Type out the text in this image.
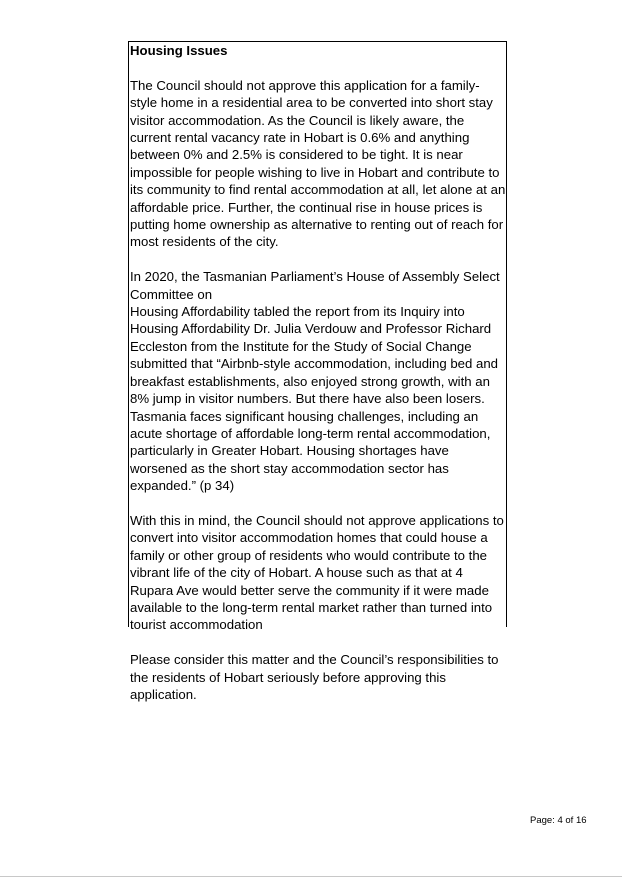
Housing Issues

The Council should not approve this application for a family-style home in a residential area to be converted into short stay visitor accommodation. As the Council is likely aware, the current rental vacancy rate in Hobart is 0.6% and anything between 0% and 2.5% is considered to be tight. It is near impossible for people wishing to live in Hobart and contribute to its community to find rental accommodation at all, let alone at an affordable price. Further, the continual rise in house prices is putting home ownership as alternative to renting out of reach for most residents of the city.

In 2020, the Tasmanian Parliament’s House of Assembly Select Committee on

Housing Affordability tabled the report from its Inquiry into Housing Affordability Dr. Julia Verdouw and Professor Richard Eccleston from the Institute for the Study of Social Change submitted that “Airbnb-style accommodation, including bed and breakfast establishments, also enjoyed strong growth, with an 8% jump in visitor numbers. But there have also been losers. Tasmania faces significant housing challenges, including an acute shortage of affordable long-term rental accommodation, particularly in Greater Hobart. Housing shortages have worsened as the short stay accommodation sector has expanded.” (p 34)

With this in mind, the Council should not approve applications to convert into visitor accommodation homes that could house a family or other group of residents who would contribute to the vibrant life of the city of Hobart. A house such as that at 4 Rupara Ave would better serve the community if it were made available to the long-term rental market rather than turned into tourist accommodation

Please consider this matter and the Council’s responsibilities to the residents of Hobart seriously before approving this application.

Page: 4 of 16
